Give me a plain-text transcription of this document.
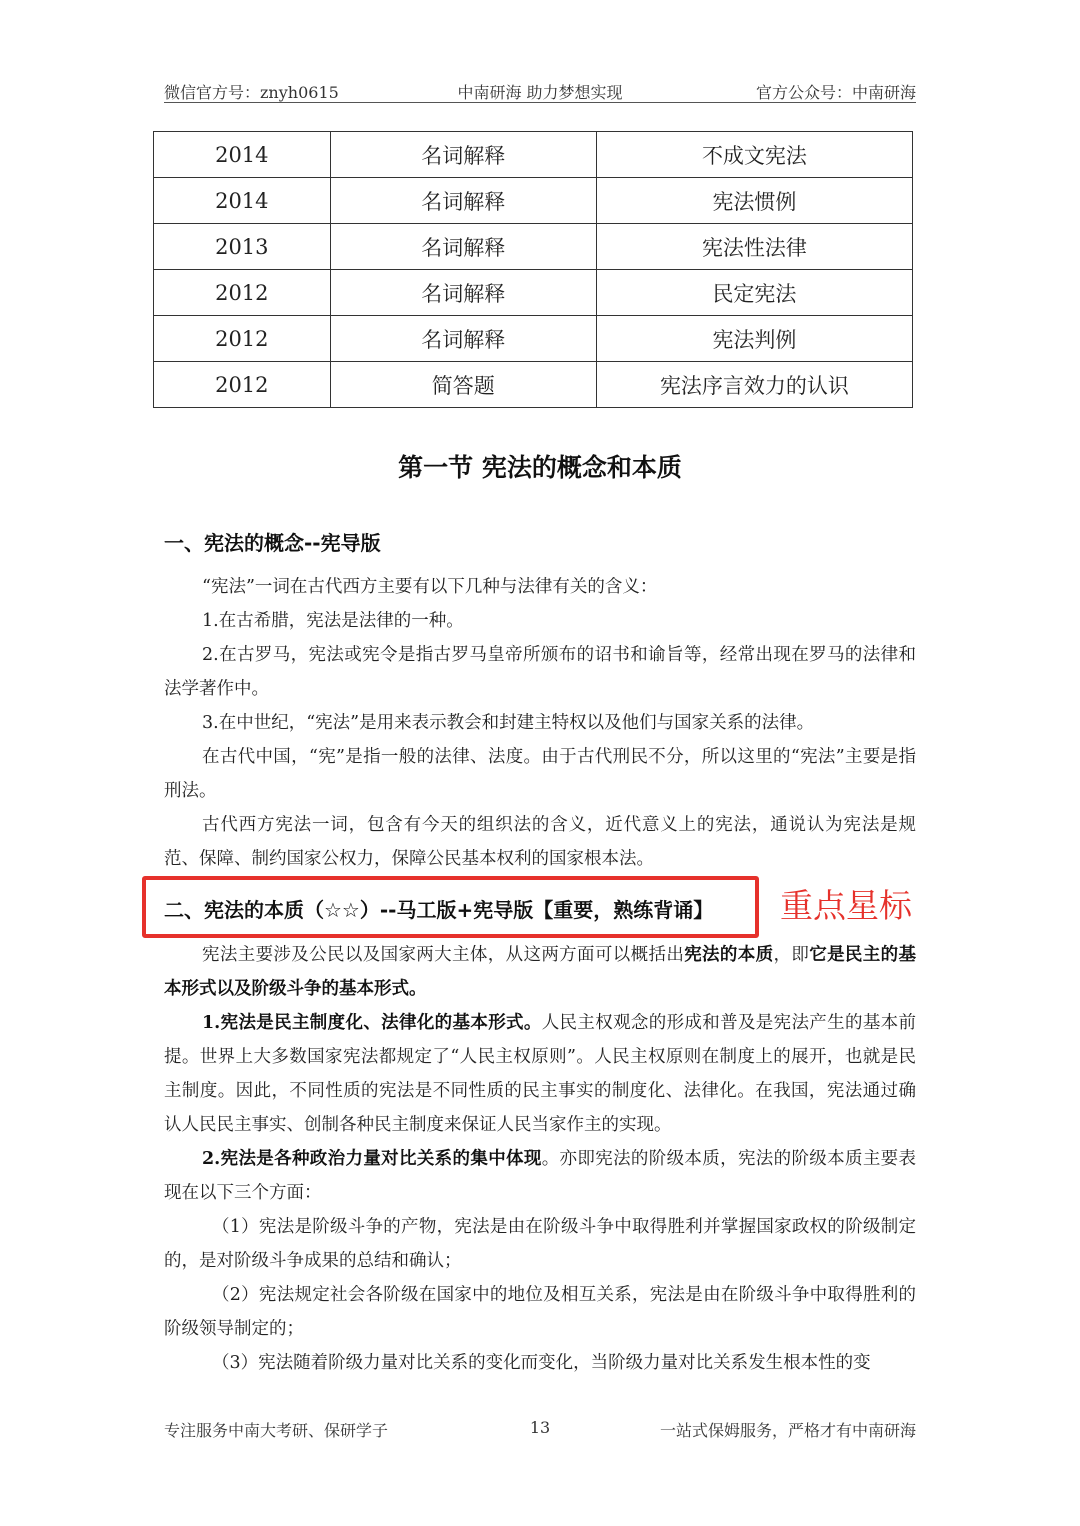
微信官方号：znyh0615	中南研海 助力梦想实现	官方公众号：中南研海
2014	名词解释	不成文宪法
2014	名词解释	宪法惯例
2013	名词解释	宪法性法律
2012	名词解释	民定宪法
2012	名词解释	宪法判例
2012	简答题	宪法序言效力的认识
第一节 宪法的概念和本质
一、宪法的概念--宪导版
“宪法”一词在古代西方主要有以下几种与法律有关的含义：
1.在古希腊，宪法是法律的一种。
2.在古罗马，宪法或宪令是指古罗马皇帝所颁布的诏书和谕旨等，经常出现在罗马的法律和法学著作中。
3.在中世纪，“宪法”是用来表示教会和封建主特权以及他们与国家关系的法律。
在古代中国，“宪”是指一般的法律、法度。由于古代刑民不分，所以这里的“宪法”主要是指刑法。
古代西方宪法一词，包含有今天的组织法的含义，近代意义上的宪法，通说认为宪法是规范、保障、制约国家公权力，保障公民基本权利的国家根本法。
二、宪法的本质（☆☆）--马工版+宪导版【重要，熟练背诵】 重点星标
宪法主要涉及公民以及国家两大主体，从这两方面可以概括出宪法的本质，即它是民主的基本形式以及阶级斗争的基本形式。
1.宪法是民主制度化、法律化的基本形式。人民主权观念的形成和普及是宪法产生的基本前提。世界上大多数国家宪法都规定了“人民主权原则”。人民主权原则在制度上的展开，也就是民主制度。因此，不同性质的宪法是不同性质的民主事实的制度化、法律化。在我国，宪法通过确认人民民主事实、创制各种民主制度来保证人民当家作主的实现。
2.宪法是各种政治力量对比关系的集中体现。亦即宪法的阶级本质，宪法的阶级本质主要表现在以下三个方面：
（1）宪法是阶级斗争的产物，宪法是由在阶级斗争中取得胜利并掌握国家政权的阶级制定的，是对阶级斗争成果的总结和确认；
（2）宪法规定社会各阶级在国家中的地位及相互关系，宪法是由在阶级斗争中取得胜利的阶级领导制定的；
（3）宪法随着阶级力量对比关系的变化而变化，当阶级力量对比关系发生根本性的变
专注服务中南大考研、保研学子	13	一站式保姆服务，严格才有中南研海
